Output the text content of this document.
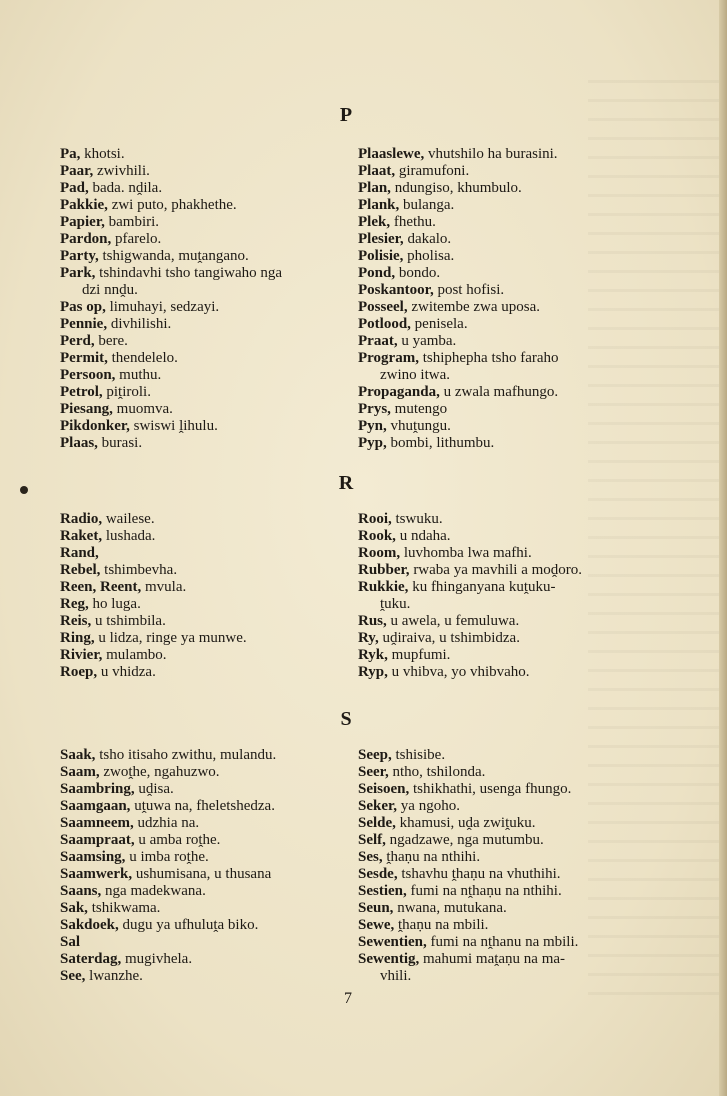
P
Pa, khotsi.
Paar, zwivhili.
Pad, bada. nḓila.
Pakkie, zwi puto, phakhethe.
Papier, bambiri.
Pardon, pfarelo.
Party, tshigwanda, muṱangano.
Park, tshindavhi tsho tangiwaho nga
dzi nnḓu.
Pas op, limuhayi, sedzayi.
Pennie, divhilishi.
Perd, bere.
Permit, thendelelo.
Persoon, muthu.
Petrol, piṱiroli.
Piesang, muomva.
Pikdonker, swiswi ḽihulu.
Plaas, burasi.
Plaaslewe, vhutshilo ha burasini.
Plaat, giramufoni.
Plan, ndungiso, khumbulo.
Plank, bulanga.
Plek, fhethu.
Plesier, dakalo.
Polisie, pholisa.
Pond, bondo.
Poskantoor, post hofisi.
Posseel, zwitembe zwa uposa.
Potlood, penisela.
Praat, u yamba.
Program, tshiphepha tsho faraho
zwino itwa.
Propaganda, u zwala mafhungo.
Prys, mutengo
Pyn, vhuṱungu.
Pyp, bombi, lithumbu.
R
Radio, wailese.
Raket, lushada.
Rand,
Rebel, tshimbevha.
Reen, Reent, mvula.
Reg, ho luga.
Reis, u tshimbila.
Ring, u lidza, ringe ya munwe.
Rivier, mulambo.
Roep, u vhidza.
Rooi, tswuku.
Rook, u ndaha.
Room, luvhomba lwa mafhi.
Rubber, rwaba ya mavhili a moḓoro.
Rukkie, ku fhinganyana kuṱuku-
ṱuku.
Rus, u awela, u femuluwa.
Ry, uḓiraiva, u tshimbidza.
Ryk, mupfumi.
Ryp, u vhibva, yo vhibvaho.
S
Saak, tsho itisaho zwithu, mulandu.
Saam, zwoṱhe, ngahuzwo.
Saambring, uḓisa.
Saamgaan, uṱuwa na, fheletshedza.
Saamneem, udzhia na.
Saampraat, u amba roṱhe.
Saamsing, u imba roṱhe.
Saamwerk, ushumisana, u thusana
Saans, nga madekwana.
Sak, tshikwama.
Sakdoek, dugu ya ufhuluṱa biko.
Sal
Saterdag, mugivhela.
See, lwanzhe.
Seep, tshisibe.
Seer, ntho, tshilonda.
Seisoen, tshikhathi, usenga fhungo.
Seker, ya ngoho.
Selde, khamusi, uḓa zwiṱuku.
Self, ngadzawe, nga mutumbu.
Ses, ṱhaṇu na nthihi.
Sesde, tshavhu ṱhaṇu na vhuthihi.
Sestien, fumi na nṱhaṇu na nthihi.
Seun, nwana, mutukana.
Sewe, ṱhaṇu na mbili.
Sewentien, fumi na nṱhanu na mbili.
Sewentig, mahumi maṱaṇu na ma-
vhili.
7
